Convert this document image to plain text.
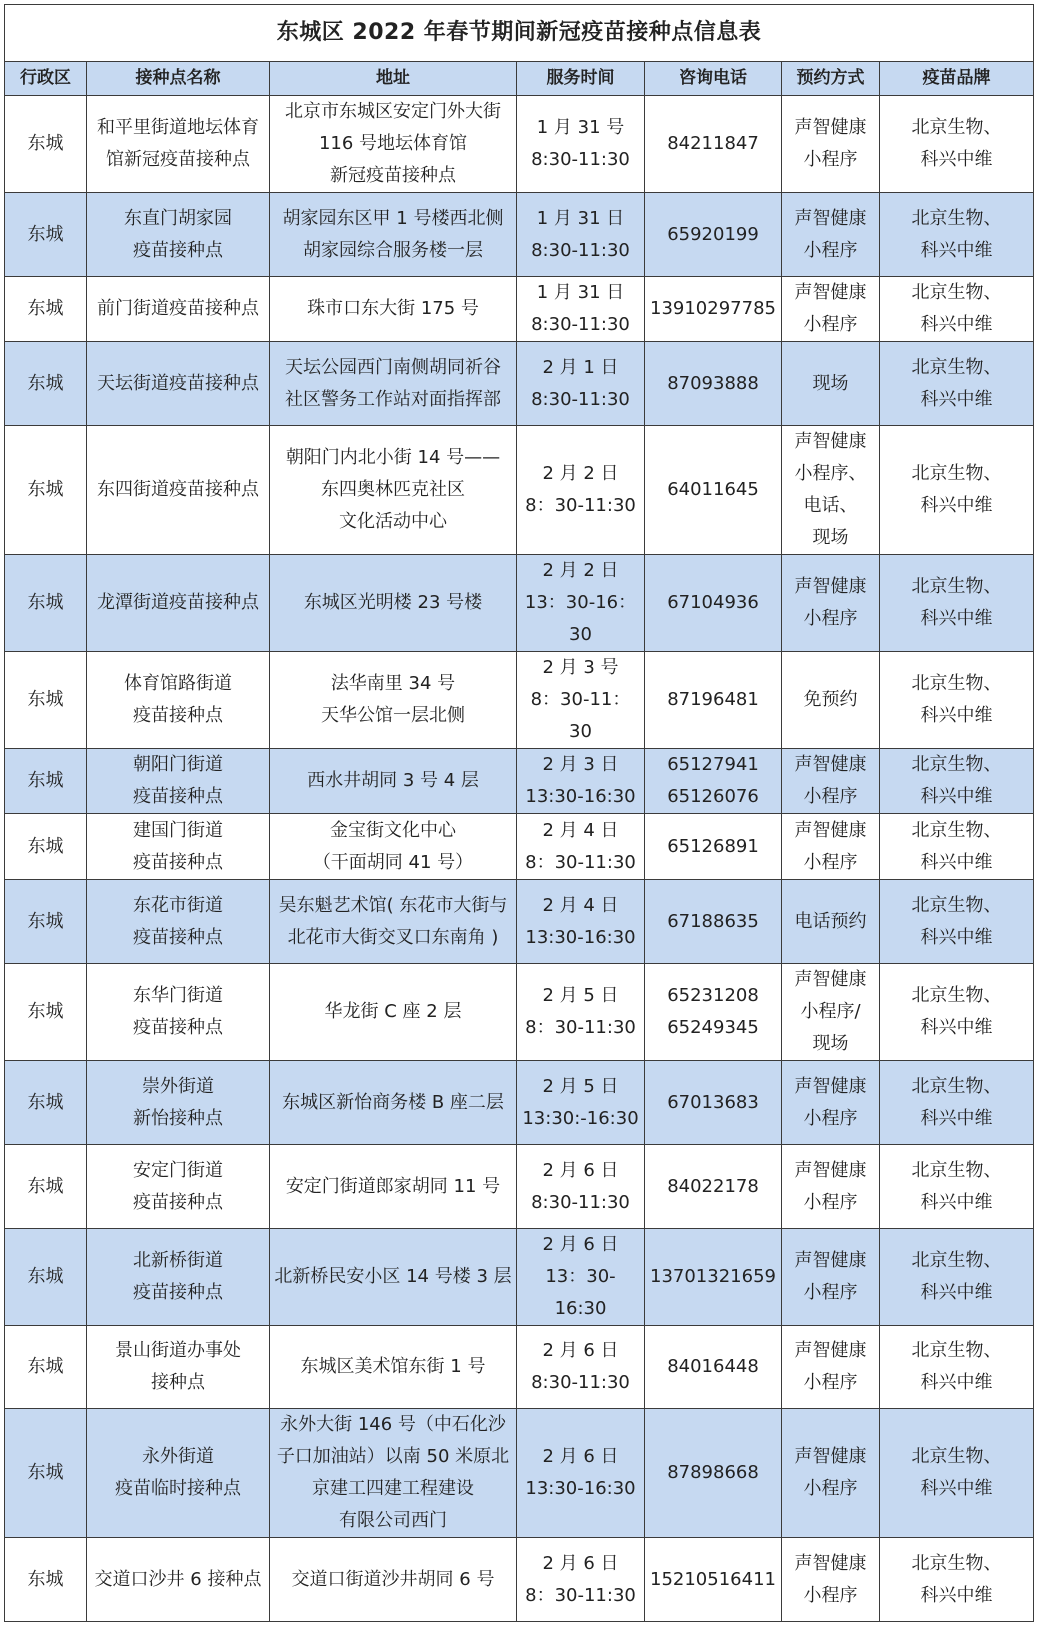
东城区 2022 年春节期间新冠疫苗接种点信息表						
行政区	接种点名称	地址	服务时间	咨询电话	预约方式	疫苗品牌
东城	和平里街道地坛体育
馆新冠疫苗接种点	北京市东城区安定门外大街
116 号地坛体育馆
新冠疫苗接种点	1 月 31 号
8:30-11:30	84211847	声智健康
小程序	北京生物、
科兴中维
东城	东直门胡家园
疫苗接种点	胡家园东区甲 1 号楼西北侧
胡家园综合服务楼一层	1 月 31 日
8:30-11:30	65920199	声智健康
小程序	北京生物、
科兴中维
东城	前门街道疫苗接种点	珠市口东大街 175 号	1 月 31 日
8:30-11:30	13910297785	声智健康
小程序	北京生物、
科兴中维
东城	天坛街道疫苗接种点	天坛公园西门南侧胡同祈谷
社区警务工作站对面指挥部	2 月 1 日
8:30-11:30	87093888	现场	北京生物、
科兴中维
东城	东四街道疫苗接种点	朝阳门内北小街 14 号——
东四奥林匹克社区
文化活动中心	2 月 2 日
8：30-11:30	64011645	声智健康
小程序、
电话、
现场	北京生物、
科兴中维
东城	龙潭街道疫苗接种点	东城区光明楼 23 号楼	2 月 2 日
13：30-16：
30	67104936	声智健康
小程序	北京生物、
科兴中维
东城	体育馆路街道
疫苗接种点	法华南里 34 号
天华公馆一层北侧	2 月 3 号
8：30-11：30	87196481	免预约	北京生物、
科兴中维
东城	朝阳门街道
疫苗接种点	西水井胡同 3 号 4 层	2 月 3 日
13:30-16:30	65127941
65126076	声智健康
小程序	北京生物、
科兴中维
东城	建国门街道
疫苗接种点	金宝街文化中心
（干面胡同 41 号）	2 月 4 日
8：30-11:30	65126891	声智健康
小程序	北京生物、
科兴中维
东城	东花市街道
疫苗接种点	吴东魁艺术馆( 东花市大街与
北花市大街交叉口东南角 )	2 月 4 日
13:30-16:30	67188635	电话预约	北京生物、
科兴中维
东城	东华门街道
疫苗接种点	华龙街 C 座 2 层	2 月 5 日
8：30-11:30	65231208
65249345	声智健康
小程序/
现场	北京生物、
科兴中维
东城	崇外街道
新怡接种点	东城区新怡商务楼 B 座二层	2 月 5 日
13:30:-16:30	67013683	声智健康
小程序	北京生物、
科兴中维
东城	安定门街道
疫苗接种点	安定门街道郎家胡同 11 号	2 月 6 日
8:30-11:30	84022178	声智健康
小程序	北京生物、
科兴中维
东城	北新桥街道
疫苗接种点	北新桥民安小区 14 号楼 3 层	2 月 6 日
13：30-16:30	13701321659	声智健康
小程序	北京生物、
科兴中维
东城	景山街道办事处
接种点	东城区美术馆东街 1 号	2 月 6 日
8:30-11:30	84016448	声智健康
小程序	北京生物、
科兴中维
东城	永外街道
疫苗临时接种点	永外大街 146 号（中石化沙
子口加油站）以南 50 米原北
京建工四建工程建设
有限公司西门	2 月 6 日
13:30-16:30	87898668	声智健康
小程序	北京生物、
科兴中维
东城	交道口沙井 6 接种点	交道口街道沙井胡同 6 号	2 月 6 日
8：30-11:30	15210516411	声智健康
小程序	北京生物、
科兴中维
